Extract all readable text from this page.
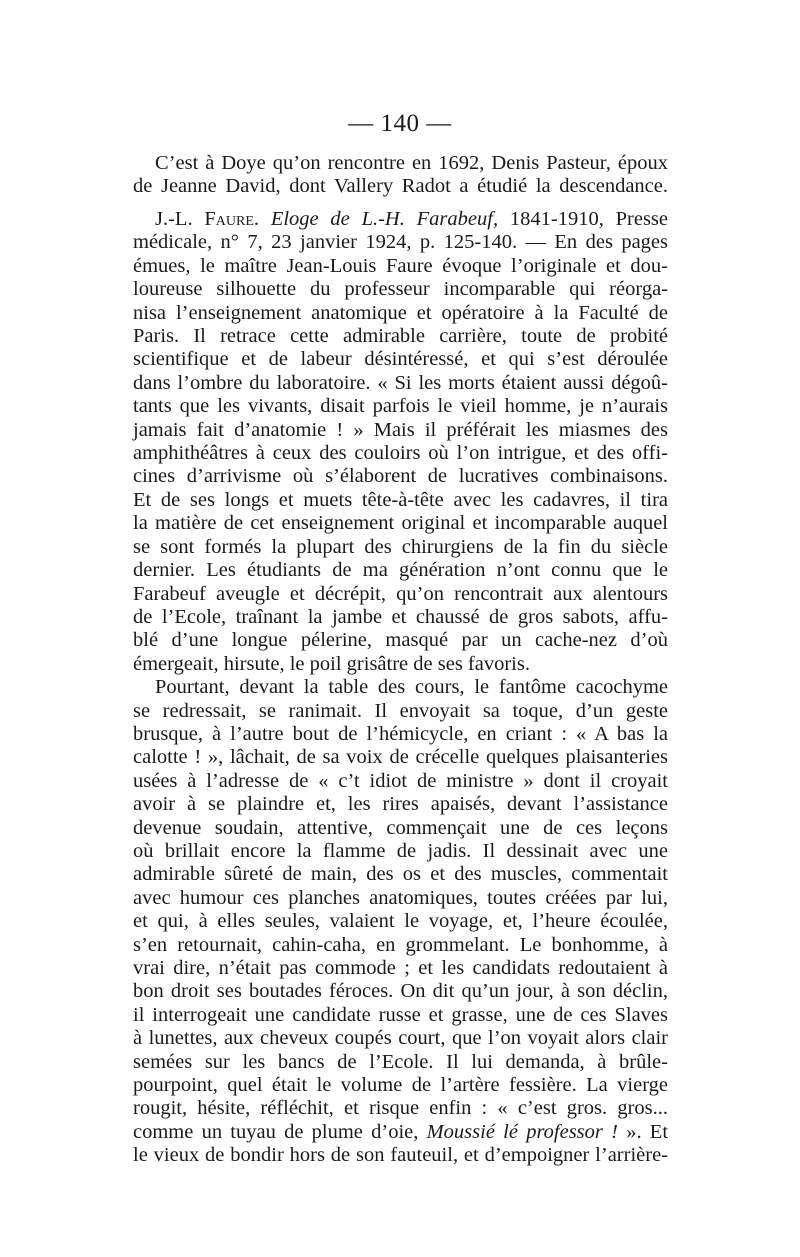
— 140 —
C’est à Doye qu’on rencontre en 1692, Denis Pasteur, époux
de Jeanne David, dont Vallery Radot a étudié la descendance.
J.-L. Faure. Eloge de L.-H. Farabeuf, 1841-1910, Presse
médicale, n° 7, 23 janvier 1924, p. 125-140. — En des pages
émues, le maître Jean-Louis Faure évoque l’originale et dou-
loureuse silhouette du professeur incomparable qui réorga-
nisa l’enseignement anatomique et opératoire à la Faculté de
Paris. Il retrace cette admirable carrière, toute de probité
scientifique et de labeur désintéressé, et qui s’est déroulée
dans l’ombre du laboratoire. « Si les morts étaient aussi dégoû-
tants que les vivants, disait parfois le vieil homme, je n’aurais
jamais fait d’anatomie ! » Mais il préférait les miasmes des
amphithéâtres à ceux des couloirs où l’on intrigue, et des offi-
cines d’arrivisme où s’élaborent de lucratives combinaisons.
Et de ses longs et muets tête-à-tête avec les cadavres, il tira
la matière de cet enseignement original et incomparable auquel
se sont formés la plupart des chirurgiens de la fin du siècle
dernier. Les étudiants de ma génération n’ont connu que le
Farabeuf aveugle et décrépit, qu’on rencontrait aux alentours
de l’Ecole, traînant la jambe et chaussé de gros sabots, affu-
blé d’une longue pélerine, masqué par un cache-nez d’où
émergeait, hirsute, le poil grisâtre de ses favoris.
Pourtant, devant la table des cours, le fantôme cacochyme
se redressait, se ranimait. Il envoyait sa toque, d’un geste
brusque, à l’autre bout de l’hémicycle, en criant : « A bas la
calotte ! », lâchait, de sa voix de crécelle quelques plaisanteries
usées à l’adresse de « c’t idiot de ministre » dont il croyait
avoir à se plaindre et, les rires apaisés, devant l’assistance
devenue soudain, attentive, commençait une de ces leçons
où brillait encore la flamme de jadis. Il dessinait avec une
admirable sûreté de main, des os et des muscles, commentait
avec humour ces planches anatomiques, toutes créées par lui,
et qui, à elles seules, valaient le voyage, et, l’heure écoulée,
s’en retournait, cahin-caha, en grommelant. Le bonhomme, à
vrai dire, n’était pas commode ; et les candidats redoutaient à
bon droit ses boutades féroces. On dit qu’un jour, à son déclin,
il interrogeait une candidate russe et grasse, une de ces Slaves
à lunettes, aux cheveux coupés court, que l’on voyait alors clair
semées sur les bancs de l’Ecole. Il lui demanda, à brûle-
pourpoint, quel était le volume de l’artère fessière. La vierge
rougit, hésite, réfléchit, et risque enfin : « c’est gros. gros...
comme un tuyau de plume d’oie, Moussié lé professor ! ». Et
le vieux de bondir hors de son fauteuil, et d’empoigner l’arrière-
